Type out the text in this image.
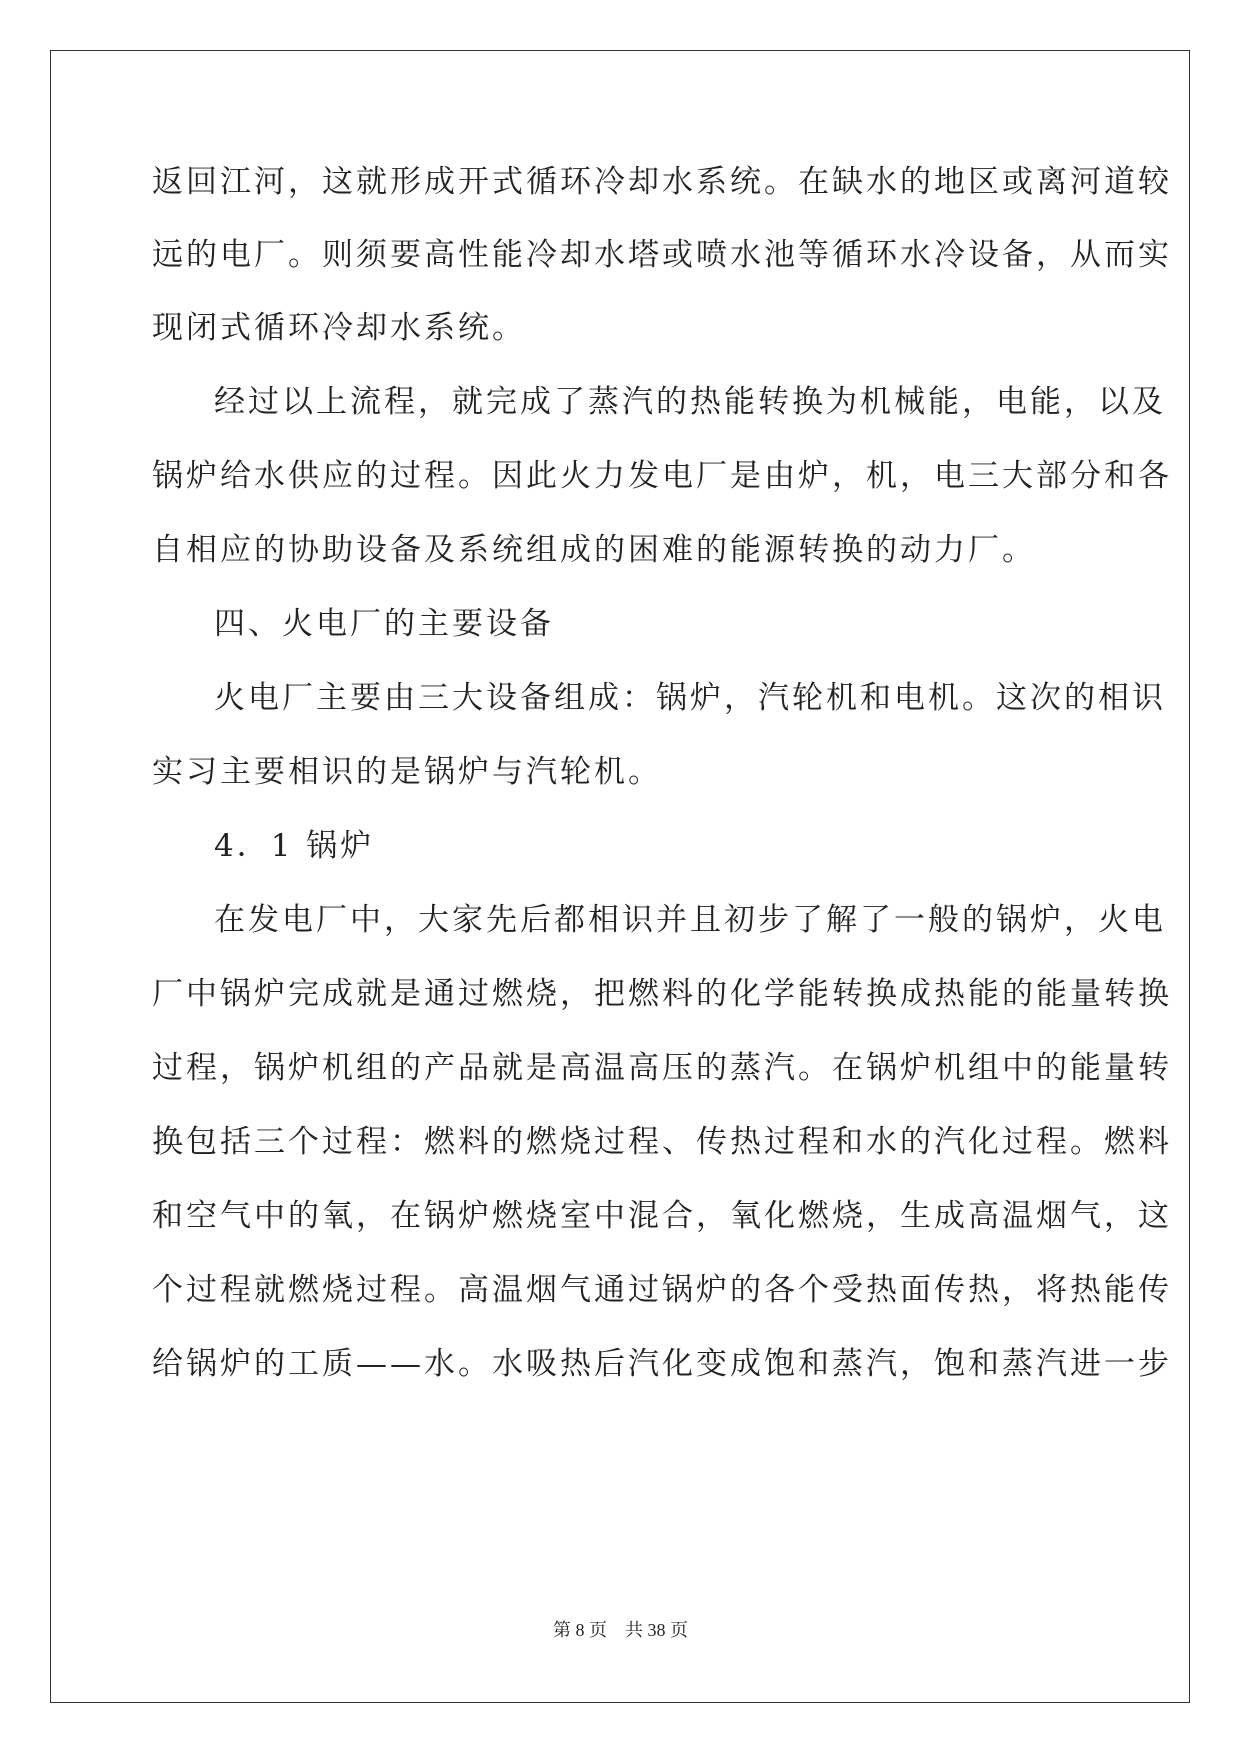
返回江河，这就形成开式循环冷却水系统。在缺水的地区或离河道较
远的电厂。则须要高性能冷却水塔或喷水池等循环水冷设备，从而实
现闭式循环冷却水系统。
经过以上流程，就完成了蒸汽的热能转换为机械能，电能，以及
锅炉给水供应的过程。因此火力发电厂是由炉，机，电三大部分和各
自相应的协助设备及系统组成的困难的能源转换的动力厂。
四、火电厂的主要设备
火电厂主要由三大设备组成：锅炉，汽轮机和电机。这次的相识
实习主要相识的是锅炉与汽轮机。
4．1 锅炉
在发电厂中，大家先后都相识并且初步了解了一般的锅炉，火电
厂中锅炉完成就是通过燃烧，把燃料的化学能转换成热能的能量转换
过程，锅炉机组的产品就是高温高压的蒸汽。在锅炉机组中的能量转
换包括三个过程：燃料的燃烧过程、传热过程和水的汽化过程。燃料
和空气中的氧，在锅炉燃烧室中混合，氧化燃烧，生成高温烟气，这
个过程就燃烧过程。高温烟气通过锅炉的各个受热面传热，将热能传
给锅炉的工质——水。水吸热后汽化变成饱和蒸汽，饱和蒸汽进一步
第 8 页 共 38 页
